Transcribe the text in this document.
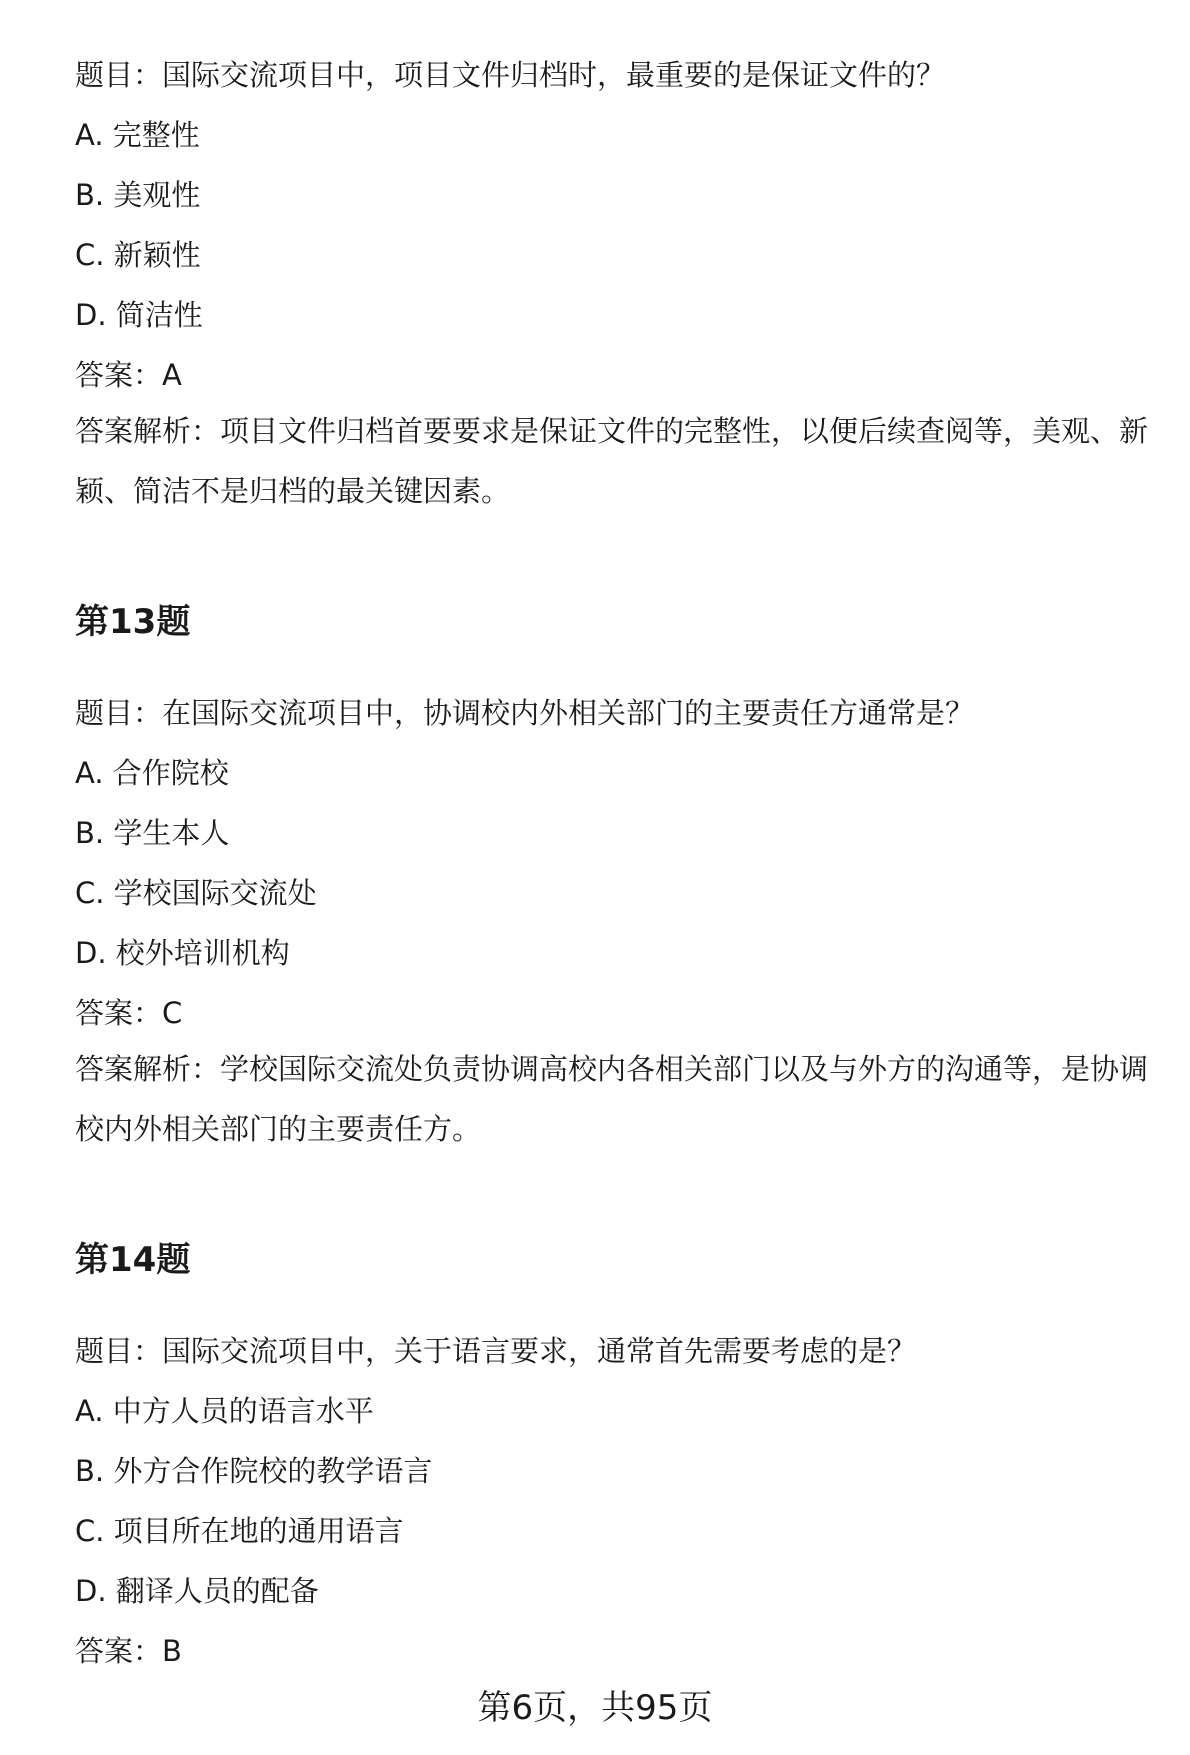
题目：国际交流项目中，项目文件归档时，最重要的是保证文件的？

A. 完整性

B. 美观性

C. 新颖性

D. 简洁性

答案：A

答案解析：项目文件归档首要要求是保证文件的完整性，以便后续查阅等，美观、新颖、简洁不是归档的最关键因素。

第13题

题目：在国际交流项目中，协调校内外相关部门的主要责任方通常是？

A. 合作院校

B. 学生本人

C. 学校国际交流处

D. 校外培训机构

答案：C

答案解析：学校国际交流处负责协调高校内各相关部门以及与外方的沟通等，是协调校内外相关部门的主要责任方。

第14题

题目：国际交流项目中，关于语言要求，通常首先需要考虑的是？

A. 中方人员的语言水平

B. 外方合作院校的教学语言

C. 项目所在地的通用语言

D. 翻译人员的配备

答案：B

第6页，共95页
